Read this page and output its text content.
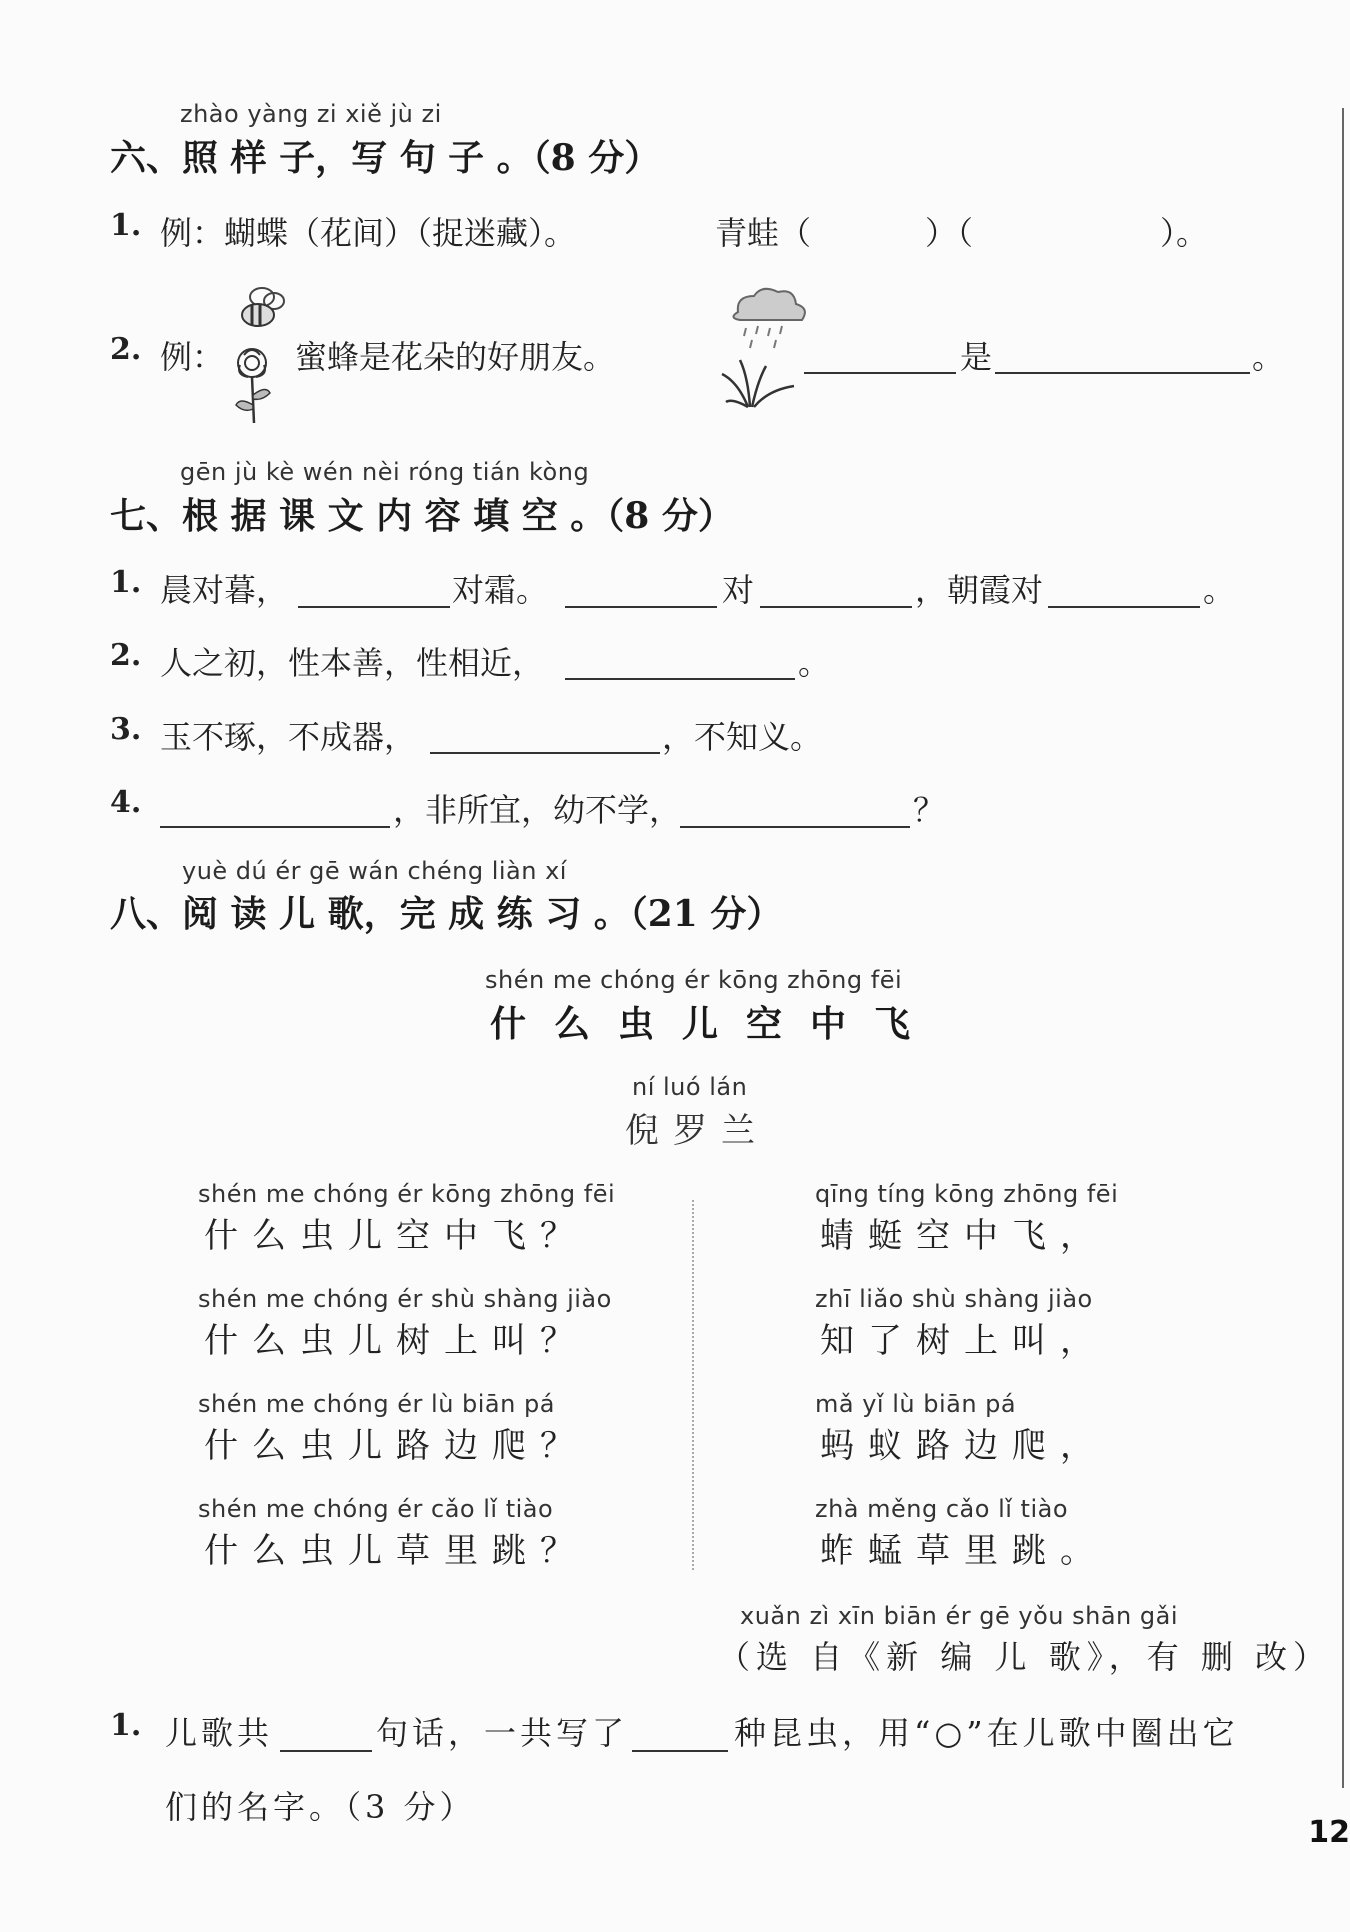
12
zhào yàng zi xiě jù zi
六、照 样 子，写 句 子 。（8 分）
1. 例：蝴蝶（花间）（捉迷藏）。	青蛙（	）（	）。
2. 例： 蜜蜂是花朵的好朋友。	是	。
gēn jù kè wén nèi róng tián kòng
七、根 据 课 文 内 容 填 空 。（8 分）
1. 晨对暮，	对霜。	对	，朝霞对	。
2. 人之初，性本善，性相近，	。
3. 玉不琢，不成器，	，不知义。
4.	，非所宜，幼不学，	？
yuè dú ér gē wán chéng liàn xí
八、阅 读 儿 歌，完 成 练 习 。（21 分）
shén me chóng ér kōng zhōng fēi
什么虫儿空中飞
ní luó lán
倪罗兰
shén me chóng ér kōng zhōng fēi
什么虫儿空中飞？
shén me chóng ér shù shàng jiào
什么虫儿树上叫？
shén me chóng ér lù biān pá
什么虫儿路边爬？
shén me chóng ér cǎo lǐ tiào
什么虫儿草里跳？
qīng tíng kōng zhōng fēi
蜻蜓空中飞，
zhī liǎo shù shàng jiào
知了树上叫，
mǎ yǐ lù biān pá
蚂蚁路边爬，
zhà měng cǎo lǐ tiào
蚱蜢草里跳。
xuǎn zì xīn biān ér gē yǒu shān gǎi
（选 自《新 编 儿 歌》，有 删 改）
1. 儿歌共	句话，一共写了	种昆虫，用“○”在儿歌中圈出它
们的名字。（3 分）
